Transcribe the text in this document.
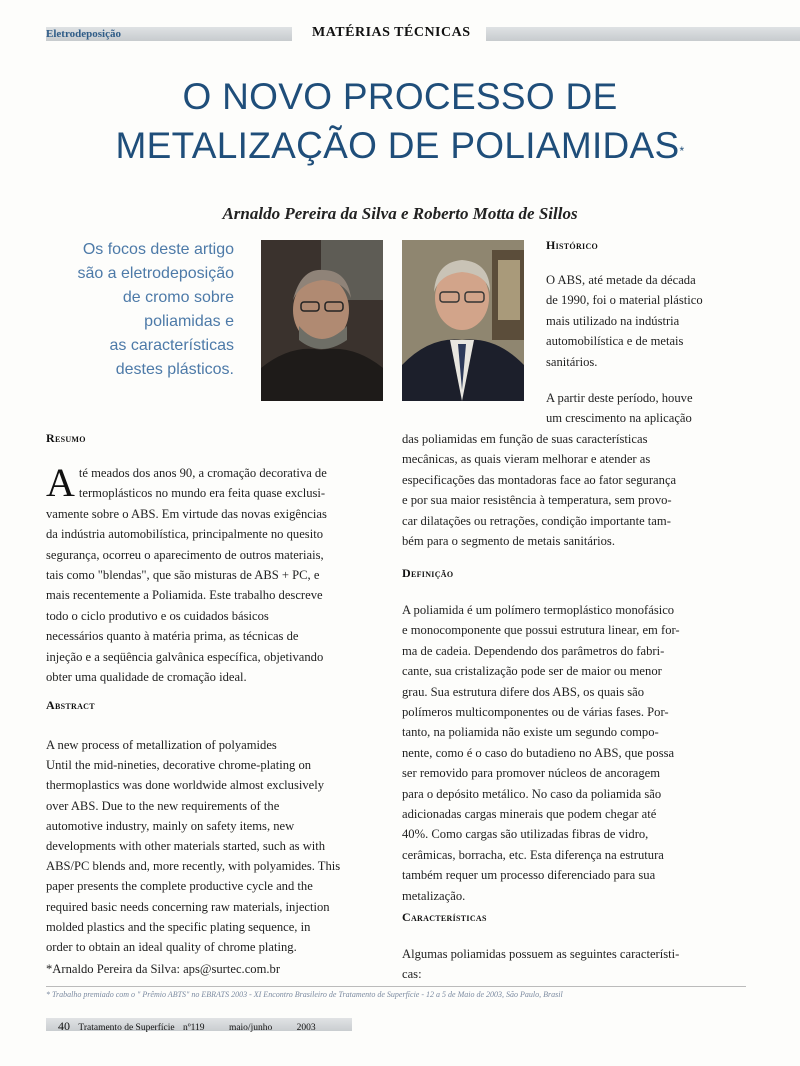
Eletrodeposição	MATÉRIAS TÉCNICAS
O NOVO PROCESSO DE
METALIZAÇÃO DE POLIAMIDAS*
Arnaldo Pereira da Silva e Roberto Motta de Sillos
Os focos deste artigo
são a eletrodeposição
de cromo sobre
poliamidas e
as características
destes plásticos.
Resumo
A té meados dos anos 90, a cromação decorativa de
termoplásticos no mundo era feita quase exclusi-
vamente sobre o ABS. Em virtude das novas exigências
da indústria automobilística, principalmente no quesito
segurança, ocorreu o aparecimento de outros materiais,
tais como "blendas", que são misturas de ABS + PC, e
mais recentemente a Poliamida. Este trabalho descreve
todo o ciclo produtivo e os cuidados básicos
necessários quanto à matéria prima, as técnicas de
injeção e a seqüência galvânica específica, objetivando
obter uma qualidade de cromação ideal.
Abstract
A new process of metallization of polyamides
Until the mid-nineties, decorative chrome-plating on
thermoplastics was done worldwide almost exclusively
over ABS. Due to the new requirements of the
automotive industry, mainly on safety items, new
developments with other materials started, such as with
ABS/PC blends and, more recently, with polyamides. This
paper presents the complete productive cycle and the
required basic needs concerning raw materials, injection
molded plastics and the specific plating sequence, in
order to obtain an ideal quality of chrome plating.
*Arnaldo Pereira da Silva: aps@surtec.com.br
Histórico
O ABS, até metade da década
de 1990, foi o material plástico
mais utilizado na indústria
automobilística e de metais
sanitários.
A partir deste período, houve
um crescimento na aplicação
das poliamidas em função de suas características
mecânicas, as quais vieram melhorar e atender as
especificações das montadoras face ao fator segurança
e por sua maior resistência à temperatura, sem provo-
car dilatações ou retrações, condição importante tam-
bém para o segmento de metais sanitários.
Definição
A poliamida é um polímero termoplástico monofásico
e monocomponente que possui estrutura linear, em for-
ma de cadeia. Dependendo dos parâmetros do fabri-
cante, sua cristalização pode ser de maior ou menor
grau. Sua estrutura difere dos ABS, os quais são
polímeros multicomponentes ou de várias fases. Por-
tanto, na poliamida não existe um segundo compo-
nente, como é o caso do butadieno no ABS, que possa
ser removido para promover núcleos de ancoragem
para o depósito metálico. No caso da poliamida são
adicionadas cargas minerais que podem chegar até
40%. Como cargas são utilizadas fibras de vidro,
cerâmicas, borracha, etc. Esta diferença na estrutura
também requer um processo diferenciado para sua
metalização.
Características
Algumas poliamidas possuem as seguintes característi-
cas:
* Trabalho premiado com o " Prêmio ABTS" no EBRATS 2003 - XI Encontro Brasileiro de Tratamento de Superfície - 12 a 5 de Maio de 2003, São Paulo, Brasil
40 Tratamento de Superfície nº119	maio/junho	2003
